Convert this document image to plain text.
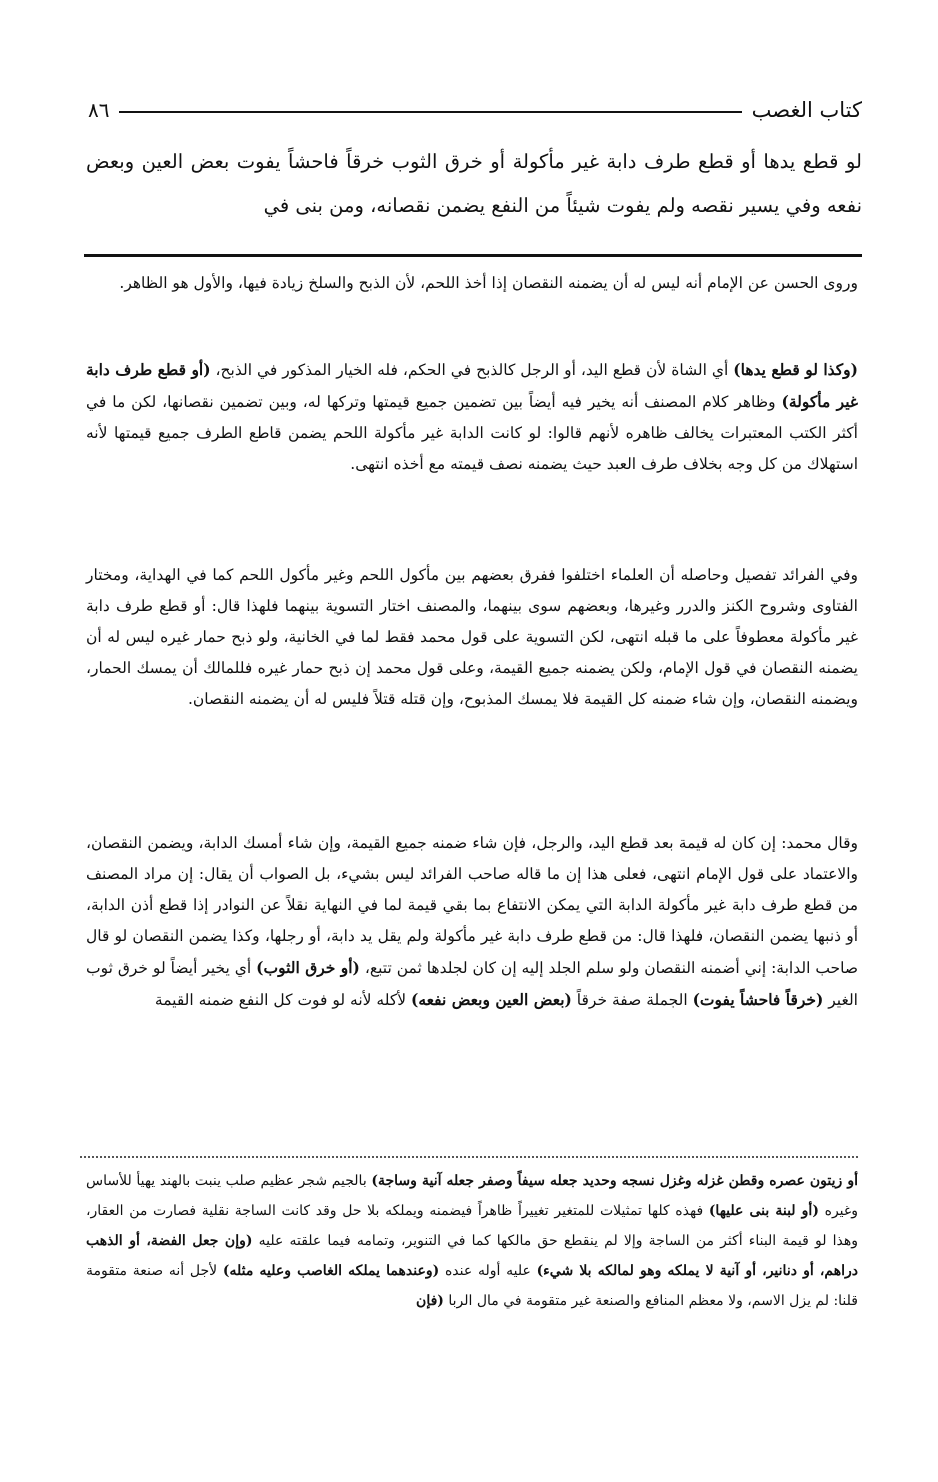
كتاب الغصب
٨٦

لو قطع يدها أو قطع طرف دابة غير مأكولة أو خرق الثوب خرقاً فاحشاً يفوت بعض العين وبعض نفعه وفي يسير نقصه ولم يفوت شيئاً من النفع يضمن نقصانه، ومن بنى في

وروى الحسن عن الإمام أنه ليس له أن يضمنه النقصان إذا أخذ اللحم، لأن الذبح والسلخ زيادة فيها، والأول هو الظاهر.

(وكذا لو قطع يدها) أي الشاة لأن قطع اليد، أو الرجل كالذبح في الحكم، فله الخيار المذكور في الذبح، (أو قطع طرف دابة غير مأكولة) وظاهر كلام المصنف أنه يخير فيه أيضاً بين تضمين جميع قيمتها وتركها له، وبين تضمين نقصانها، لكن ما في أكثر الكتب المعتبرات يخالف ظاهره لأنهم قالوا: لو كانت الدابة غير مأكولة اللحم يضمن قاطع الطرف جميع قيمتها لأنه استهلاك من كل وجه بخلاف طرف العبد حيث يضمنه نصف قيمته مع أخذه انتهى.

وفي الفرائد تفصيل وحاصله أن العلماء اختلفوا ففرق بعضهم بين مأكول اللحم وغير مأكول اللحم كما في الهداية، ومختار الفتاوى وشروح الكنز والدرر وغيرها، وبعضهم سوى بينهما، والمصنف اختار التسوية بينهما فلهذا قال: أو قطع طرف دابة غير مأكولة معطوفاً على ما قبله انتهى، لكن التسوية على قول محمد فقط لما في الخانية، ولو ذبح حمار غيره ليس له أن يضمنه النقصان في قول الإمام، ولكن يضمنه جميع القيمة، وعلى قول محمد إن ذبح حمار غيره فللمالك أن يمسك الحمار، ويضمنه النقصان، وإن شاء ضمنه كل القيمة فلا يمسك المذبوح، وإن قتله قتلاً فليس له أن يضمنه النقصان.

وقال محمد: إن كان له قيمة بعد قطع اليد، والرجل، فإن شاء ضمنه جميع القيمة، وإن شاء أمسك الدابة، ويضمن النقصان، والاعتماد على قول الإمام انتهى، فعلى هذا إن ما قاله صاحب الفرائد ليس بشيء، بل الصواب أن يقال: إن مراد المصنف من قطع طرف دابة غير مأكولة الدابة التي يمكن الانتفاع بما بقي قيمة لما في النهاية نقلاً عن النوادر إذا قطع أذن الدابة، أو ذنبها يضمن النقصان، فلهذا قال: من قطع طرف دابة غير مأكولة ولم يقل يد دابة، أو رجلها، وكذا يضمن النقصان لو قال صاحب الدابة: إني أضمنه النقصان ولو سلم الجلد إليه إن كان لجلدها ثمن تتبع، (أو خرق الثوب) أي يخير أيضاً لو خرق ثوب الغير (خرقاً فاحشاً يفوت) الجملة صفة خرقاً (بعض العين وبعض نفعه) لأكله لأنه لو فوت كل النفع ضمنه القيمة

أو زيتون عصره وقطن غزله وغزل نسجه وحديد جعله سيفاً وصفر جعله آنية وساجة) بالجيم شجر عظيم صلب ينبت بالهند يهيأ للأساس وغيره (أو لبنة بنى عليها) فهذه كلها تمثيلات للمتغير تغييراً ظاهراً فيضمنه ويملكه بلا حل وقد كانت الساجة نقلية فصارت من العقار، وهذا لو قيمة البناء أكثر من الساجة وإلا لم ينقطع حق مالكها كما في التنوير، وتمامه فيما علقته عليه (وإن جعل الفضة، أو الذهب دراهم، أو دنانير، أو آنية لا يملكه وهو لمالكه بلا شيء) عليه أوله عنده (وعندهما يملكه الغاصب وعليه مثله) لأجل أنه صنعة متقومة قلنا: لم يزل الاسم، ولا معظم المنافع والصنعة غير متقومة في مال الربا (فإن
